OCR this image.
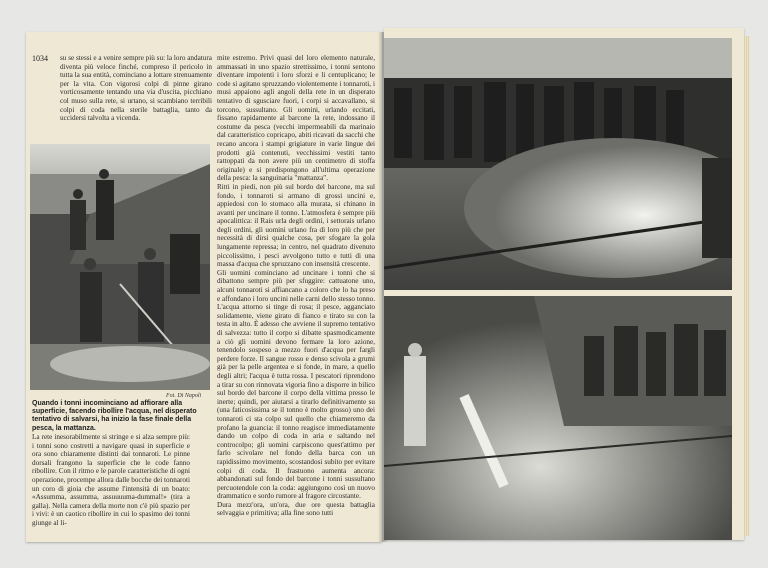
1034 su se stessi e a venire sempre più su: la loro andatura diventa più veloce finché, compreso il pericolo in tutta la sua entità, cominciano a lottare strenuamente per la vita. Con vigorosi colpi di pinne girano vorticosamente tentando una via d'uscita, picchiano col muso sulla rete, si urtano, si scambiano terribili colpi di coda nella sterile battaglia, tanto da uccidersi talvolta a vicenda.
mite estremo. Privi quasi del loro elemento naturale, ammassati in uno spazio strettissimo, i tonni sentono diventare impotenti i loro sforzi e li centuplicano; le code si agitano spruzzando violentemente i tonnaroti, i musi appaiono agli angoli della rete in un disperato tentativo di sgusciare fuori, i corpi si accavallano, si torcono, sussultano. Gli uomini, urlando eccitati, fissano rapidamente al barcone la rete, indossano il costume da pesca (vecchi impermeabili da marinaio dal caratteristico copricapo, abiti ricavati da sacchi che recano ancora i stampi grigiature in varie lingue dei prodotti già contenuti, vecchissimi vestiti tanto rattoppati da non avere più un centimetro di stoffa originale) e si predispongono all'ultima operazione della pesca: la sanguinaria "mattanza".
Ritti in piedi, non più sul bordo del barcone, ma sul fondo, i tonnaroti si armano di grossi uncini e, appiedosi con lo stomaco alla murata, si chinano in avanti per uncinare il tonno. L'atmosfera è sempre più apocalittica: il Rais urla degli ordini, i settorais urlano degli ordini, gli uomini urlano fra di loro più che per necessità di dirsi qualche cosa, per sfogare la gola lungamente repressa; in centro, nel quadrato divenuto piccolissimo, i pesci avvolgono tutto e tutti di una massa d'acqua che spruzzano con insensità crescente.
Gli uomini cominciano ad uncinare i tonni che si dibattono sempre più per sfuggire: cattuatone uno, alcuni tonnaroti si affiancano a coloro che lo ha preso e affondano i loro uncini nelle carni dello stesso tonno. L'acqua attorno si tinge di rosa; il pesce, agganciato solidamente, viene girato di fianco e tirato su con la testa in alto. È adesso che avviene il supremo tentativo di salvezza: tutto il corpo si dibatte spasmodicamente a ciò gli uomini devono fermare la loro azione, tenendolo sospeso a mezzo fuori d'acqua per fargli perdere forze. Il sangue rosso e denso scivola a grumi già per la pelle argentea e si fonde, in mare, a quello degli altri; l'acqua è tutta rossa. I pescatori riprendono a tirar su con rinnovata vigoria fino a disporre in bilico sul bordo del barcone il corpo della vittima presso le inerte; quindi, per aiutarsi a tirarlo definitivamente su (una faticosissima se il tonno è molto grosso) uno dei tonnaroti ci sta colpo sul quello che chiameremo da profano la guancia: il tonno reagisce immediatamente dando un colpo di coda in aria e saltando nel controcolpo; gli uomini carpiscono quest'attimo per farlo scivolare nel fondo della barca con un rapidissimo movimento, scostandosi subito per evitare colpi di coda. Il frastuono aumenta ancora: abbandonati sul fondo del barcone i tonni sussultano percuotendole con la coda: aggiungono così un nuovo drammatico e sordo rumore al fragore circostante.
Dura mezz'ora, un'ora, due ore questa battaglia selvaggia e primitiva; alla fine sono tutti
Fot. Di Napoli
Quando i tonni incominciano ad affiorare alla superficie, facendo ribollire l'acqua, nel disperato tentativo di salvarsi, ha inizio la fase finale della pesca, la mattanza.
La rete inesorabilmente si stringe e si alza sempre più: i tonni sono costretti a navigare quasi in superficie e ora sono chiaramente distinti dai tonnaroti. Le pinne dorsali frangono la superficie che le code fanno ribollire. Con il ritmo e le parole caratteristiche di ogni operazione, procempe allora dalle bocche dei tonnaroti un coro di gioia che assume l'intensità di un boato: «Assumma, assumma, assuuuuma-dummal!» (tira a galla). Nella camera della morte non c'è più spazio per i vivi: è un caotico ribollire in cui lo spasimo dei tonni giunge al li-
